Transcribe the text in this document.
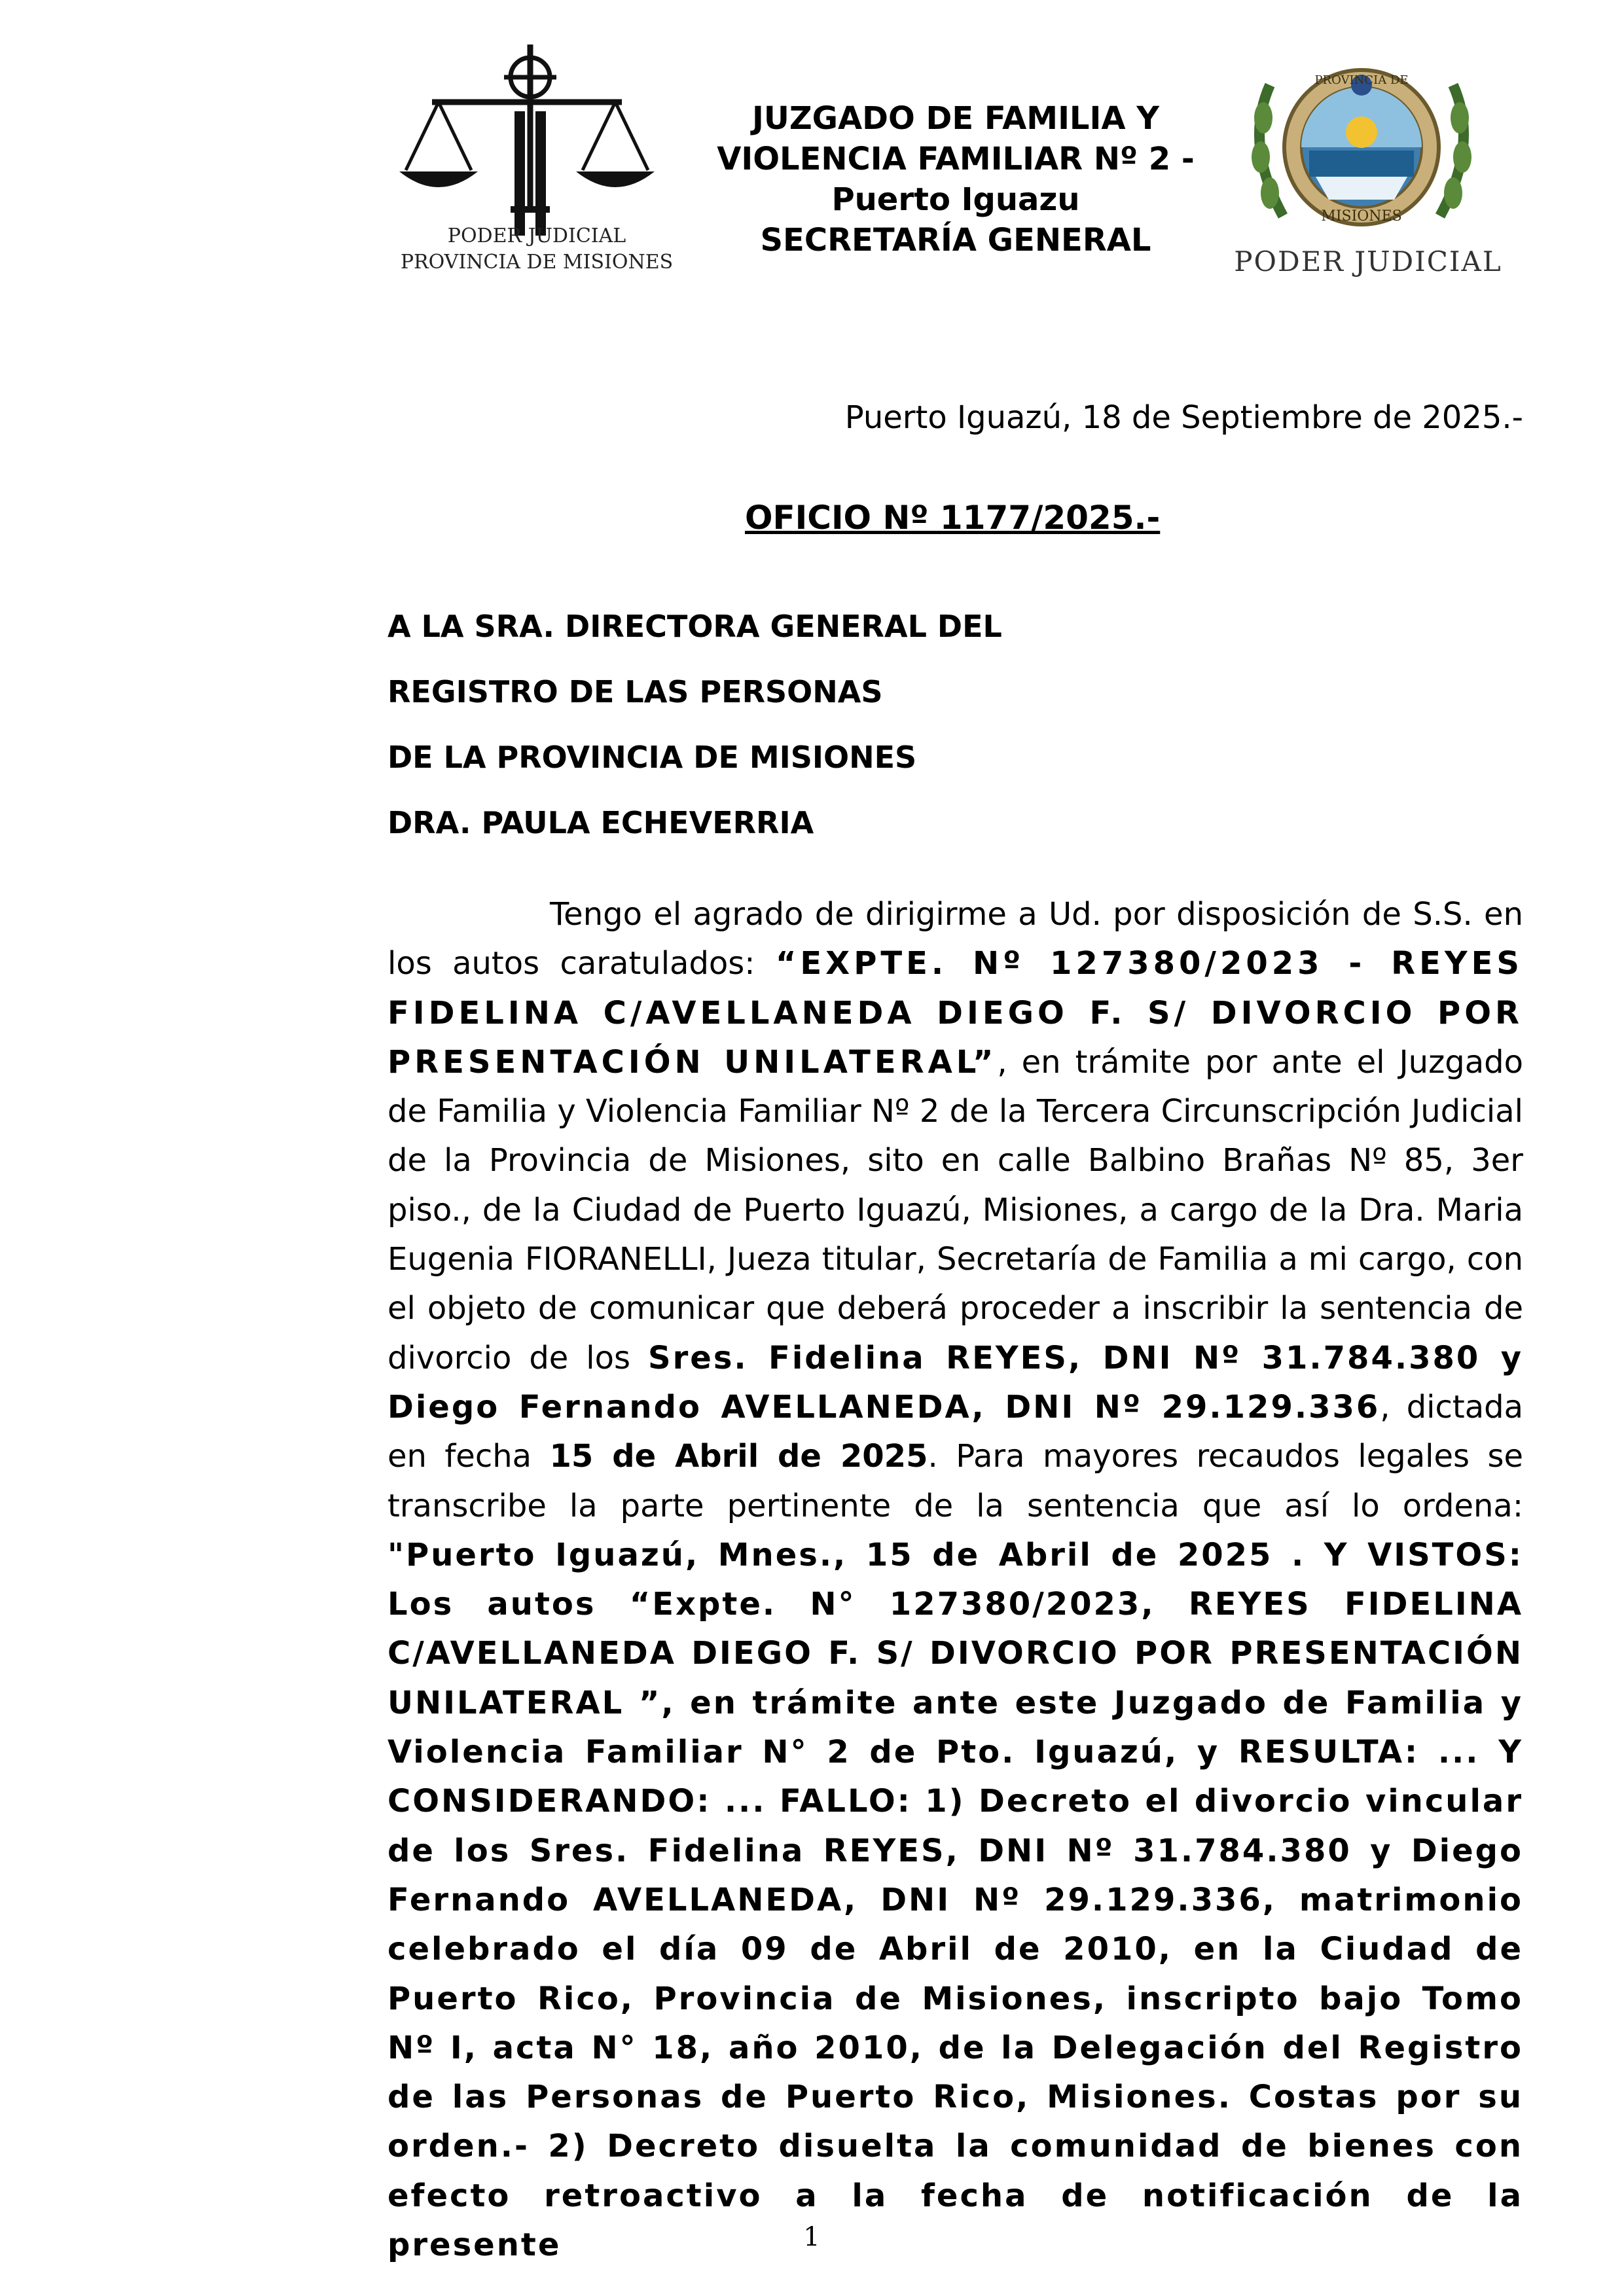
PODER JUDICIAL
PROVINCIA DE MISIONES
JUZGADO DE FAMILIA Y
VIOLENCIA FAMILIAR Nº 2 -
Puerto Iguazu
SECRETARÍA GENERAL
PROVINCIA DE
MISIONES
PODER JUDICIAL
Puerto Iguazú, 18 de Septiembre de 2025.-
OFICIO Nº 1177/2025.-
A LA SRA. DIRECTORA GENERAL DEL
REGISTRO DE LAS PERSONAS
DE LA PROVINCIA DE MISIONES
DRA. PAULA ECHEVERRIA
Tengo el agrado de dirigirme a Ud. por disposición de S.S. en los autos caratulados: “EXPTE. Nº 127380/2023 - REYES FIDELINA C/AVELLANEDA DIEGO F. S/ DIVORCIO POR PRESENTACIÓN UNILATERAL”, en trámite por ante el Juzgado de Familia y Violencia Familiar Nº 2 de la Tercera Circunscripción Judicial de la Provincia de Misiones, sito en calle Balbino Brañas Nº 85, 3er piso., de la Ciudad de Puerto Iguazú, Misiones, a cargo de la Dra. Maria Eugenia FIORANELLI, Jueza titular, Secretaría de Familia a mi cargo, con el objeto de comunicar que deberá proceder a inscribir la sentencia de divorcio de los Sres. Fidelina REYES, DNI Nº 31.784.380 y Diego Fernando AVELLANEDA, DNI Nº 29.129.336, dictada en fecha 15 de Abril de 2025. Para mayores recaudos legales se transcribe la parte pertinente de la sentencia que así lo ordena: "Puerto Iguazú, Mnes., 15 de Abril de 2025 . Y VISTOS: Los autos “Expte. N° 127380/2023, REYES FIDELINA C/AVELLANEDA DIEGO F. S/ DIVORCIO POR PRESENTACIÓN UNILATERAL ”, en trámite ante este Juzgado de Familia y Violencia Familiar N° 2 de Pto. Iguazú, y RESULTA: ... Y CONSIDERANDO: ... FALLO: 1) Decreto el divorcio vincular de los Sres. Fidelina REYES, DNI Nº 31.784.380 y Diego Fernando AVELLANEDA, DNI Nº 29.129.336, matrimonio celebrado el día 09 de Abril de 2010, en la Ciudad de Puerto Rico, Provincia de Misiones, inscripto bajo Tomo Nº I, acta N° 18, año 2010, de la Delegación del Registro de las Personas de Puerto Rico, Misiones. Costas por su orden.- 2) Decreto disuelta la comunidad de bienes con efecto retroactivo a la fecha de notificación de la presente	1
